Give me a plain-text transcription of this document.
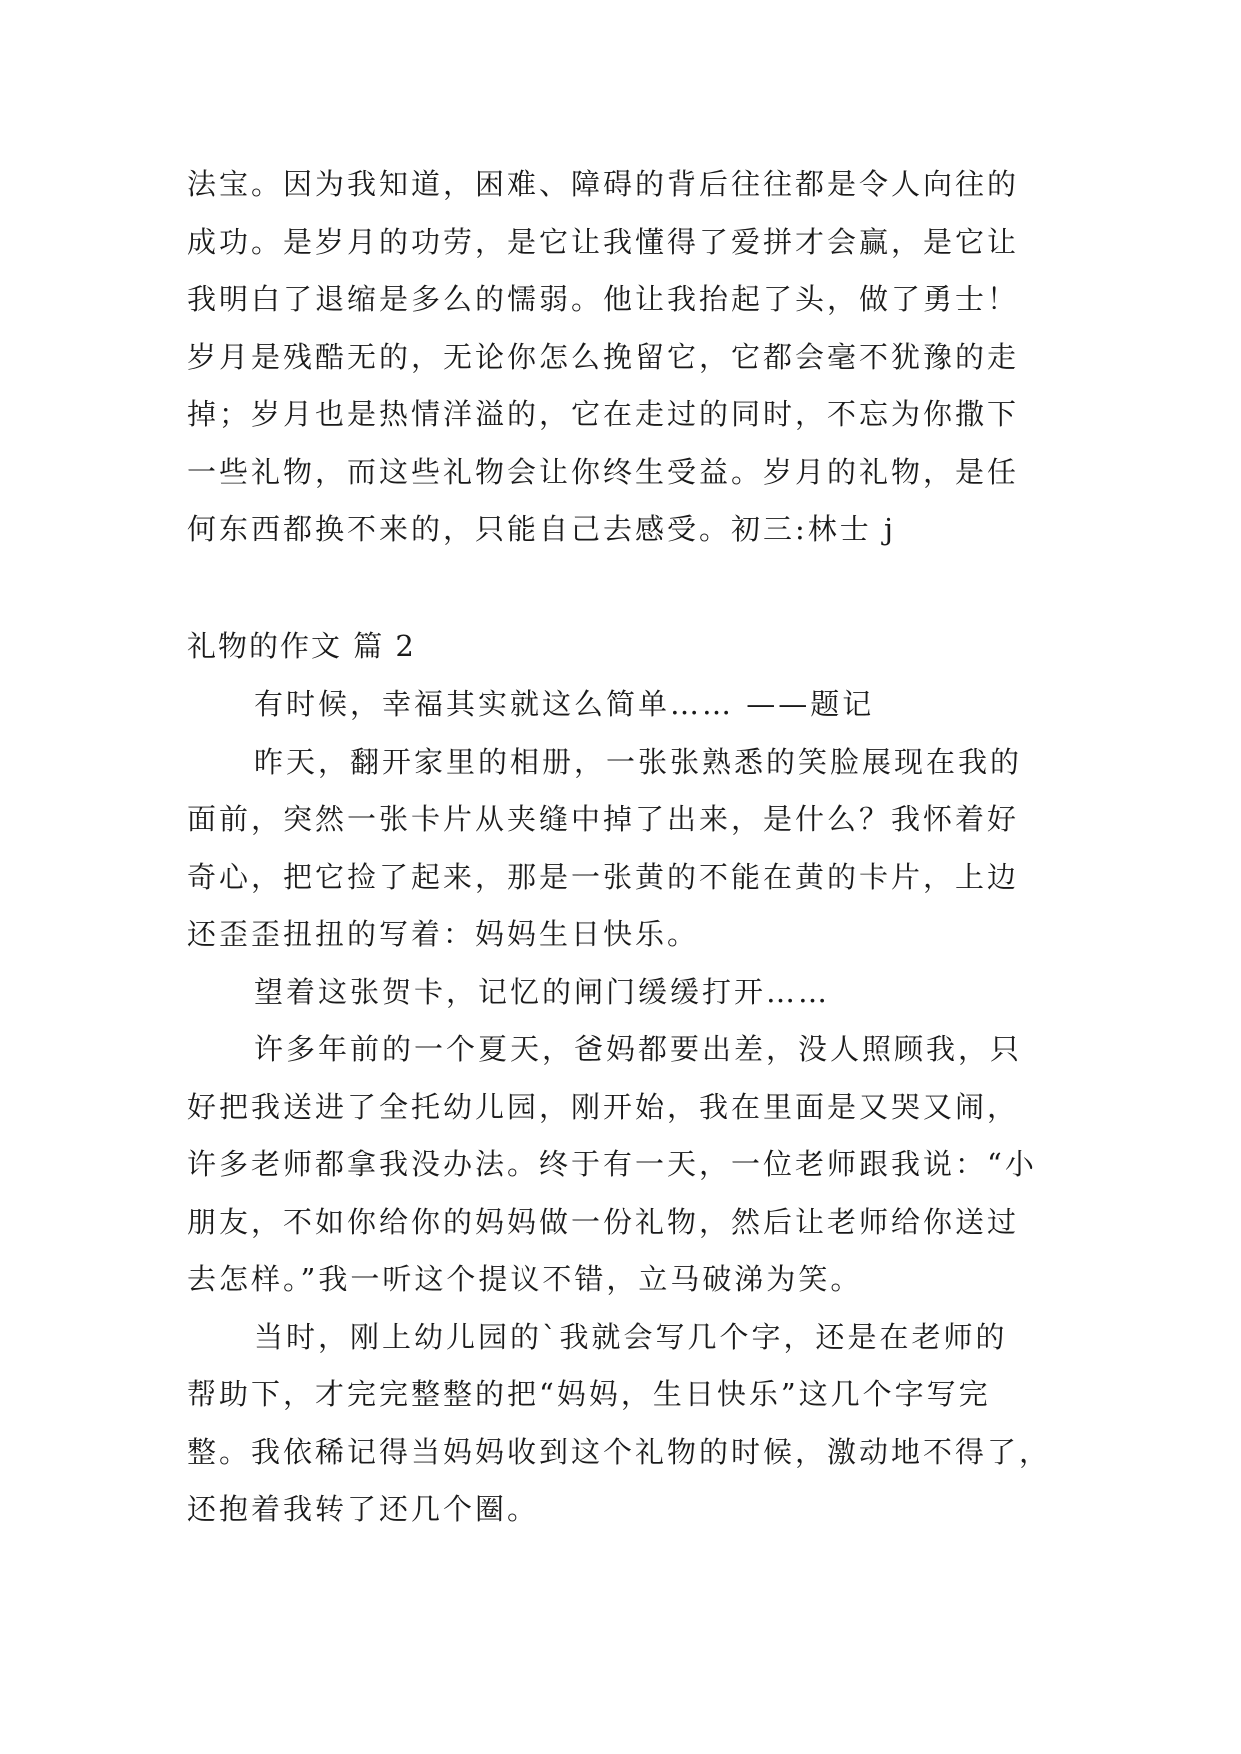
法宝。因为我知道，困难、障碍的背后往往都是令人向往的
成功。是岁月的功劳，是它让我懂得了爱拼才会赢，是它让
我明白了退缩是多么的懦弱。他让我抬起了头，做了勇士！
岁月是残酷无的，无论你怎么挽留它，它都会毫不犹豫的走
掉；岁月也是热情洋溢的，它在走过的同时，不忘为你撒下
一些礼物，而这些礼物会让你终生受益。岁月的礼物，是任
何东西都换不来的，只能自己去感受。初三:林士 j
礼物的作文 篇 2
有时候，幸福其实就这么简单…… ——题记
昨天，翻开家里的相册，一张张熟悉的笑脸展现在我的
面前，突然一张卡片从夹缝中掉了出来，是什么？我怀着好
奇心，把它捡了起来，那是一张黄的不能在黄的卡片，上边
还歪歪扭扭的写着：妈妈生日快乐。
望着这张贺卡，记忆的闸门缓缓打开……
许多年前的一个夏天，爸妈都要出差，没人照顾我，只
好把我送进了全托幼儿园，刚开始，我在里面是又哭又闹，
许多老师都拿我没办法。终于有一天，一位老师跟我说：“小
朋友，不如你给你的妈妈做一份礼物，然后让老师给你送过
去怎样。”我一听这个提议不错，立马破涕为笑。
当时，刚上幼儿园的`我就会写几个字，还是在老师的
帮助下，才完完整整的把“妈妈，生日快乐”这几个字写完
整。我依稀记得当妈妈收到这个礼物的时候，激动地不得了，
还抱着我转了还几个圈。
